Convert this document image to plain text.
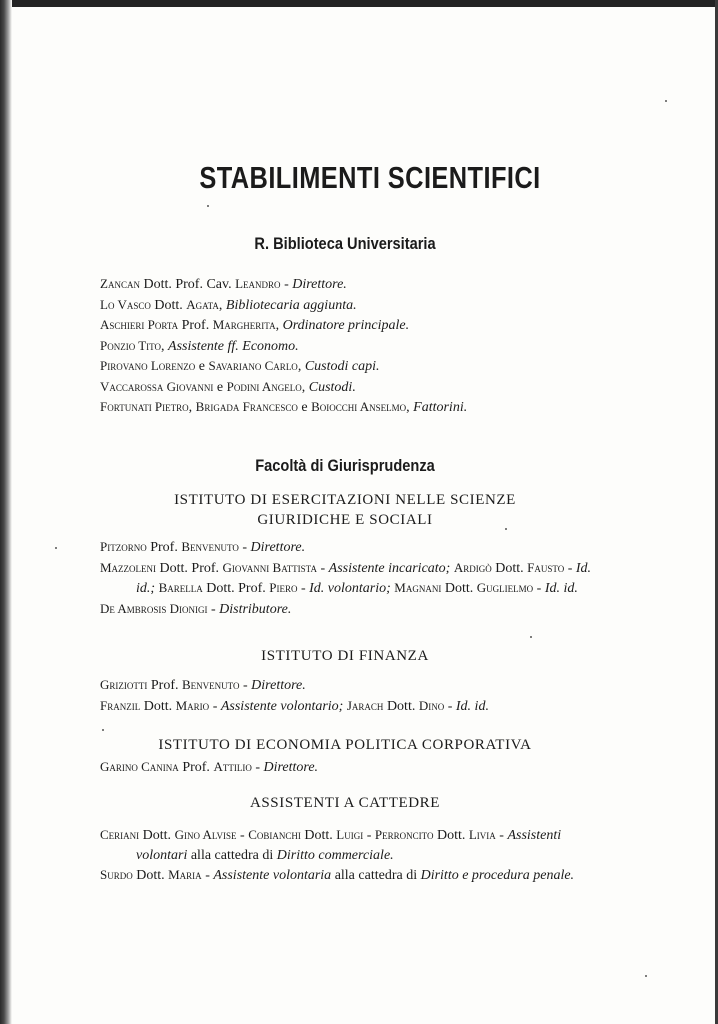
STABILIMENTI SCIENTIFICI
R. Biblioteca Universitaria
Zancan Dott. Prof. Cav. Leandro - Direttore.
Lo Vasco Dott. Agata, Bibliotecaria aggiunta.
Aschieri Porta Prof. Margherita, Ordinatore principale.
Ponzio Tito, Assistente ff. Economo.
Pirovano Lorenzo e Savariano Carlo, Custodi capi.
Vaccarossa Giovanni e Podini Angelo, Custodi.
Fortunati Pietro, Brigada Francesco e Boiocchi Anselmo, Fattorini.
Facoltà di Giurisprudenza
ISTITUTO DI ESERCITAZIONI NELLE SCIENZE
GIURIDICHE E SOCIALI
Pitzorno Prof. Benvenuto - Direttore.
Mazzoleni Dott. Prof. Giovanni Battista - Assistente incaricato; Ardigò Dott. Fausto - Id. id.; Barella Dott. Prof. Piero - Id. volontario; Magnani Dott. Guglielmo - Id. id.
De Ambrosis Dionigi - Distributore.
ISTITUTO DI FINANZA
Griziotti Prof. Benvenuto - Direttore.
Franzil Dott. Mario - Assistente volontario; Jarach Dott. Dino - Id. id.
ISTITUTO DI ECONOMIA POLITICA CORPORATIVA
Garino Canina Prof. Attilio - Direttore.
ASSISTENTI A CATTEDRE
Ceriani Dott. Gino Alvise - Cobianchi Dott. Luigi - Perroncito Dott. Livia - Assistenti volontari alla cattedra di Diritto commerciale.
Surdo Dott. Maria - Assistente volontaria alla cattedra di Diritto e procedura penale.
